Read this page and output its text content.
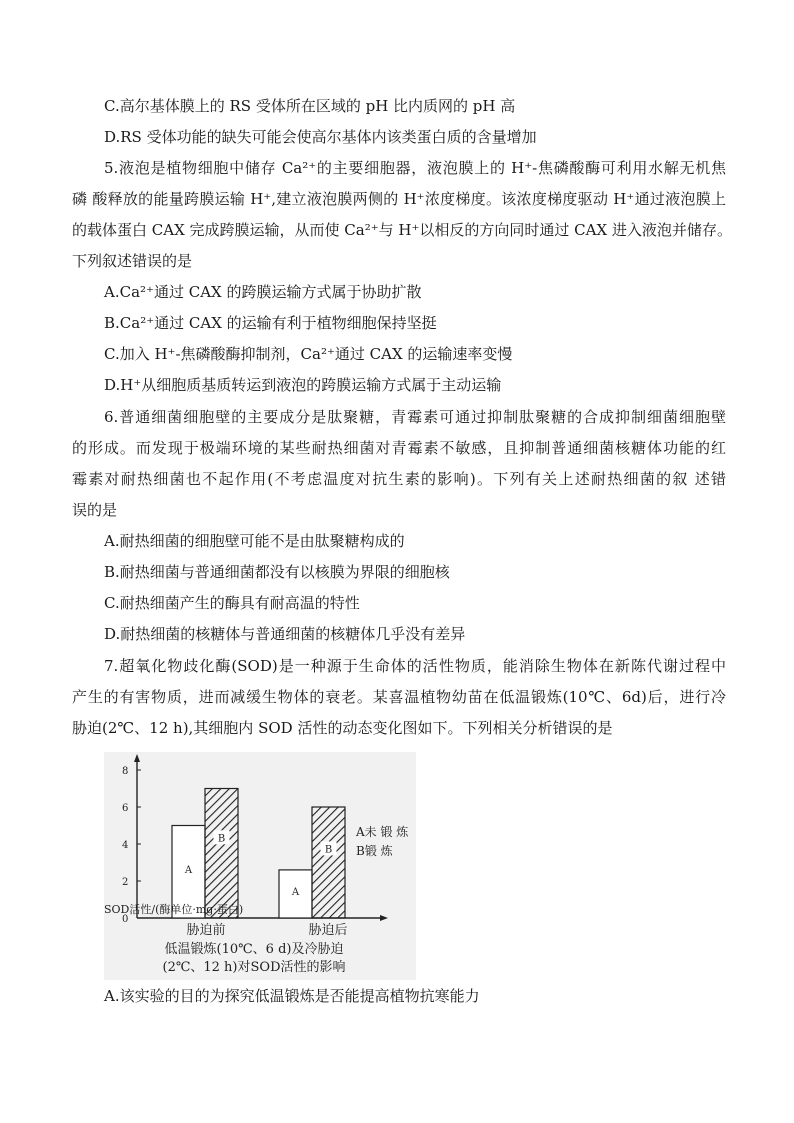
C.高尔基体膜上的 RS 受体所在区域的 pH 比内质网的 pH 高
D.RS 受体功能的缺失可能会使高尔基体内该类蛋白质的含量增加
5.液泡是植物细胞中储存 Ca²⁺的主要细胞器，液泡膜上的 H⁺-焦磷酸酶可利用水解无机焦
磷 酸释放的能量跨膜运输 H⁺,建立液泡膜两侧的 H⁺浓度梯度。该浓度梯度驱动 H⁺通过液泡膜上
的载体蛋白 CAX 完成跨膜运输，从而使 Ca²⁺与 H⁺以相反的方向同时通过 CAX 进入液泡并储存。
下列叙述错误的是
A.Ca²⁺通过 CAX 的跨膜运输方式属于协助扩散
B.Ca²⁺通过 CAX 的运输有利于植物细胞保持坚挺
C.加入 H⁺-焦磷酸酶抑制剂，Ca²⁺通过 CAX 的运输速率变慢
D.H⁺从细胞质基质转运到液泡的跨膜运输方式属于主动运输
6.普通细菌细胞壁的主要成分是肽聚糖，青霉素可通过抑制肽聚糖的合成抑制细菌细胞壁
的形成。而发现于极端环境的某些耐热细菌对青霉素不敏感，且抑制普通细菌核糖体功能的红
霉素对耐热细菌也不起作用(不考虑温度对抗生素的影响)。下列有关上述耐热细菌的叙 述错
误的是
A.耐热细菌的细胞壁可能不是由肽聚糖构成的
B.耐热细菌与普通细菌都没有以核膜为界限的细胞核
C.耐热细菌产生的酶具有耐高温的特性
D.耐热细菌的核糖体与普通细菌的核糖体几乎没有差异
7.超氧化物歧化酶(SOD)是一种源于生命体的活性物质，能消除生物体在新陈代谢过程中
产生的有害物质，进而减缓生物体的衰老。某喜温植物幼苗在低温锻炼(10℃、6d)后，进行冷
胁迫(2℃、12 h),其细胞内 SOD 活性的动态变化图如下。下列相关分析错误的是
0
2
4
6
8
A
A
B
B
A未 锻 炼
B锻 炼
SOD活性/(酶单位·mg·蛋白)
胁迫前	胁迫后
低温锻炼(10℃、6 d)及冷胁迫
(2℃、12 h)对SOD活性的影响
A.该实验的目的为探究低温锻炼是否能提高植物抗寒能力
